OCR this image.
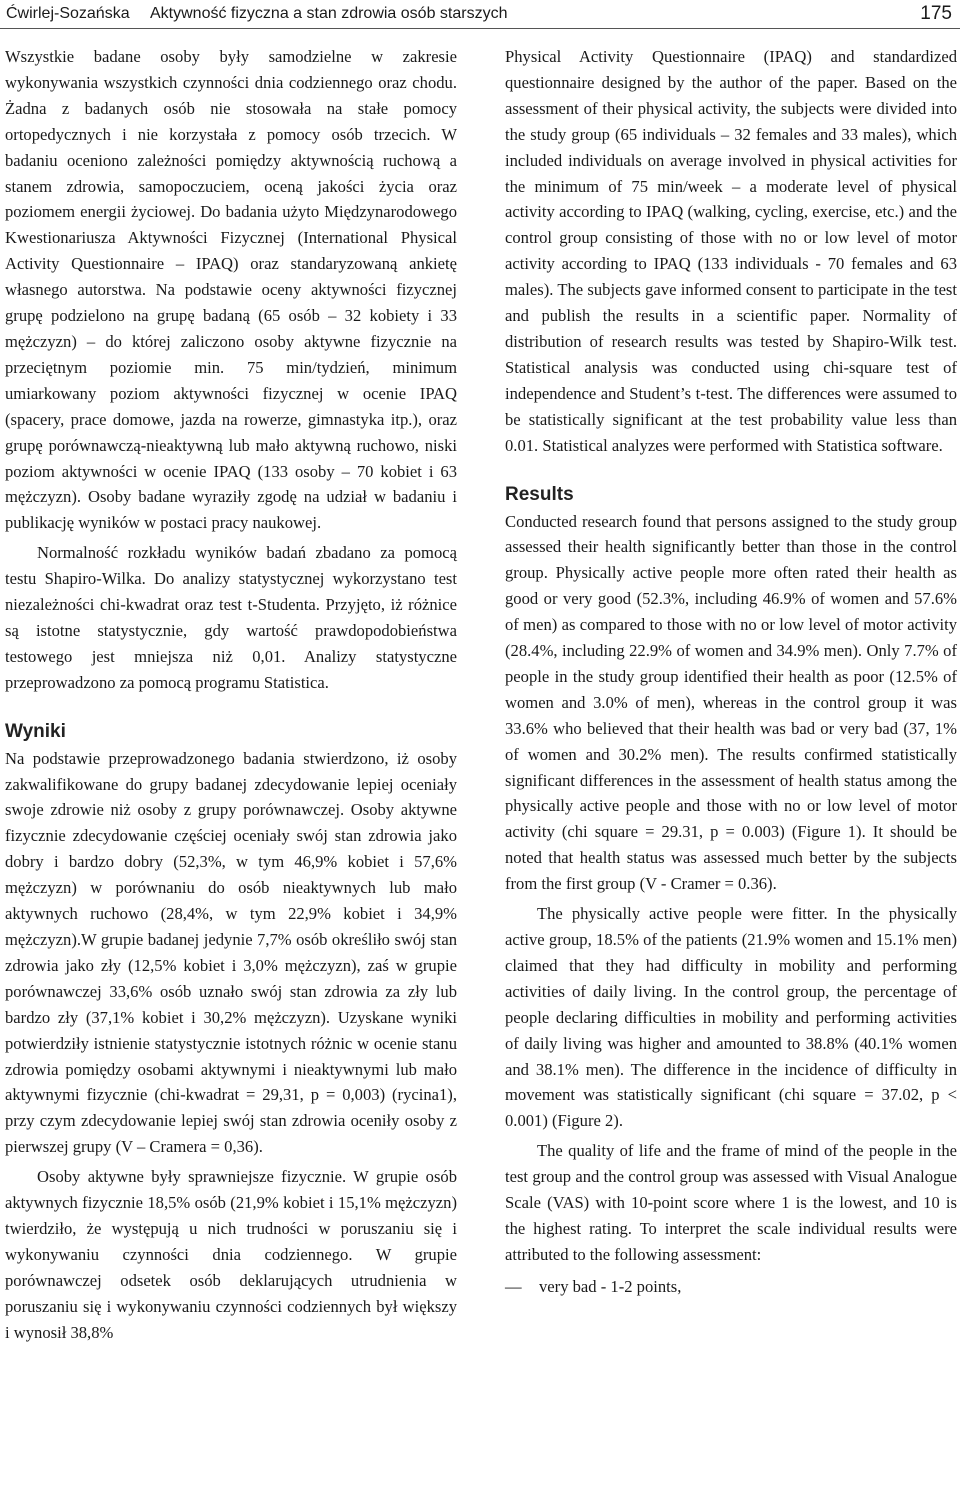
Ćwirlej-Sozańska Aktywność fizyczna a stan zdrowia osób starszych	175

Wszystkie badane osoby były samodzielne w zakresie wykonywania wszystkich czynności dnia codziennego oraz chodu. Żadna z badanych osób nie stosowała na stałe pomocy ortopedycznych i nie korzystała z pomocy osób trzecich. W badaniu oceniono zależności pomiędzy aktywnością ruchową a stanem zdrowia, samopoczuciem, oceną jakości życia oraz poziomem energii życiowej. Do badania użyto Międzynarodowego Kwestionariusza Aktywności Fizycznej (International Physical Activity Questionnaire – IPAQ) oraz standaryzowaną ankietę własnego autorstwa. Na podstawie oceny aktywności fizycznej grupę podzielono na grupę badaną (65 osób – 32 kobiety i 33 mężczyzn) – do której zaliczono osoby aktywne fizycznie na przeciętnym poziomie min. 75 min/tydzień, minimum umiarkowany poziom aktywności fizycznej w ocenie IPAQ (spacery, prace domowe, jazda na rowerze, gimnastyka itp.), oraz grupę porównawczą-nieaktywną lub mało aktywną ruchowo, niski poziom aktywności w ocenie IPAQ (133 osoby – 70 kobiet i 63 mężczyzn). Osoby badane wyraziły zgodę na udział w badaniu i publikację wyników w postaci pracy naukowej.

Normalność rozkładu wyników badań zbadano za pomocą testu Shapiro-Wilka. Do analizy statystycznej wykorzystano test niezależności chi-kwadrat oraz test t-Studenta. Przyjęto, iż różnice są istotne statystycznie, gdy wartość prawdopodobieństwa testowego jest mniejsza niż 0,01. Analizy statystyczne przeprowadzono za pomocą programu Statistica.

Wyniki

Na podstawie przeprowadzonego badania stwierdzono, iż osoby zakwalifikowane do grupy badanej zdecydowanie lepiej oceniały swoje zdrowie niż osoby z grupy porównawczej. Osoby aktywne fizycznie zdecydowanie częściej oceniały swój stan zdrowia jako dobry i bardzo dobry (52,3%, w tym 46,9% kobiet i 57,6% mężczyzn) w porównaniu do osób nieaktywnych lub mało aktywnych ruchowo (28,4%, w tym 22,9% kobiet i 34,9% mężczyzn).W grupie badanej jedynie 7,7% osób określiło swój stan zdrowia jako zły (12,5% kobiet i 3,0% mężczyzn), zaś w grupie porównawczej 33,6% osób uznało swój stan zdrowia za zły lub bardzo zły (37,1% kobiet i 30,2% mężczyzn). Uzyskane wyniki potwierdziły istnienie statystycznie istotnych różnic w ocenie stanu zdrowia pomiędzy osobami aktywnymi i nieaktywnymi lub mało aktywnymi fizycznie (chi-kwadrat = 29,31, p = 0,003) (rycina1), przy czym zdecydowanie lepiej swój stan zdrowia oceniły osoby z pierwszej grupy (V – Cramera = 0,36).

Osoby aktywne były sprawniejsze fizycznie. W grupie osób aktywnych fizycznie 18,5% osób (21,9% kobiet i 15,1% mężczyzn) twierdziło, że występują u nich trudności w poruszaniu się i wykonywaniu czynności dnia codziennego. W grupie porównawczej odsetek osób deklarujących utrudnienia w poruszaniu się i wykonywaniu czynności codziennych był większy i wynosił 38,8%

Physical Activity Questionnaire (IPAQ) and standardized questionnaire designed by the author of the paper. Based on the assessment of their physical activity, the subjects were divided into the study group (65 individuals – 32 females and 33 males), which included individuals on average involved in physical activities for the minimum of 75 min/week – a moderate level of physical activity according to IPAQ (walking, cycling, exercise, etc.) and the control group consisting of those with no or low level of motor activity according to IPAQ (133 individuals - 70 females and 63 males). The subjects gave informed consent to participate in the test and publish the results in a scientific paper. Normality of distribution of research results was tested by Shapiro-Wilk test. Statistical analysis was conducted using chi-square test of independence and Student’s t-test. The differences were assumed to be statistically significant at the test probability value less than 0.01. Statistical analyzes were performed with Statistica software.

Results

Conducted research found that persons assigned to the study group assessed their health significantly better than those in the control group. Physically active people more often rated their health as good or very good (52.3%, including 46.9% of women and 57.6% of men) as compared to those with no or low level of motor activity (28.4%, including 22.9% of women and 34.9% men). Only 7.7% of people in the study group identified their health as poor (12.5% of women and 3.0% of men), whereas in the control group it was 33.6% who believed that their health was bad or very bad (37, 1% of women and 30.2% men). The results confirmed statistically significant differences in the assessment of health status among the physically active people and those with no or low level of motor activity (chi square = 29.31, p = 0.003) (Figure 1). It should be noted that health status was assessed much better by the subjects from the first group (V - Cramer = 0.36).

The physically active people were fitter. In the physically active group, 18.5% of the patients (21.9% women and 15.1% men) claimed that they had difficulty in mobility and performing activities of daily living. In the control group, the percentage of people declaring difficulties in mobility and performing activities of daily living was higher and amounted to 38.8% (40.1% women and 38.1% men). The difference in the incidence of difficulty in movement was statistically significant (chi square = 37.02, p < 0.001) (Figure 2).

The quality of life and the frame of mind of the people in the test group and the control group was assessed with Visual Analogue Scale (VAS) with 10-point score where 1 is the lowest, and 10 is the highest rating. To interpret the scale individual results were attributed to the following assessment:

—	very bad - 1-2 points,
